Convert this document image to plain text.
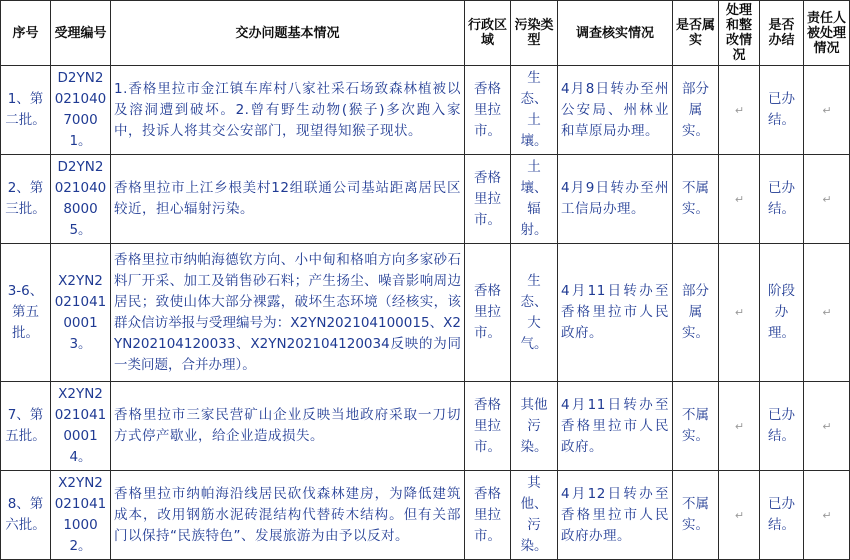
序号	受理编号	交办问题基本情况	行政区域	污染类型	调查核实情况	是否属实	处理和整改情况	是否办结	责任人被处理情况
1、第二批。	D2YN202104070001。	1.香格里拉市金江镇车库村八家社采石场致森林植被以及溶洞遭到破坏。2.曾有野生动物(猴子)多次跑入家中，投诉人将其交公安部门，现望得知猴子现状。	香格里拉市。	生态、土壤。	4月8日转办至州公安局、州林业和草原局办理。	部分属实。	↵	已办结。	↵
2、第三批。	D2YN202104080005。	香格里拉市上江乡根美村12组联通公司基站距离居民区较近，担心辐射污染。	香格里拉市。	土壤、辐射。	4月9日转办至州工信局办理。	不属实。	↵	已办结。	↵
3-6、第五批。	X2YN20210410001 3。	香格里拉市纳帕海德钦方向、小中甸和格咱方向多家砂石料厂开采、加工及销售砂石料；产生扬尘、噪音影响周边居民；致使山体大部分裸露，破坏生态环境（经核实，该群众信访举报与受理编号为：X2YN202104100015、X2YN202104120033、X2YN202104120034反映的为同一类问题，合并办理）。	香格里拉市。	生态、大气。	4月11日转办至香格里拉市人民政府。	部分属实。	↵	阶段办理。	↵
7、第五批。	X2YN20210410001 4。	香格里拉市三家民营矿山企业反映当地政府采取一刀切方式停产歇业，给企业造成损失。	香格里拉市。	其他污染。	4月11日转办至香格里拉市人民政府。	不属实。	↵	已办结。	↵
8、第六批。	X2YN20210411000 2。	香格里拉市纳帕海沿线居民砍伐森林建房，为降低建筑成本，改用钢筋水泥砖混结构代替砖木结构。但有关部门以保持“民族特色”、发展旅游为由予以反对。	香格里拉市。	其他、污染。	4月12日转办至香格里拉市人民政府办理。	不属实。	↵	已办结。	↵
